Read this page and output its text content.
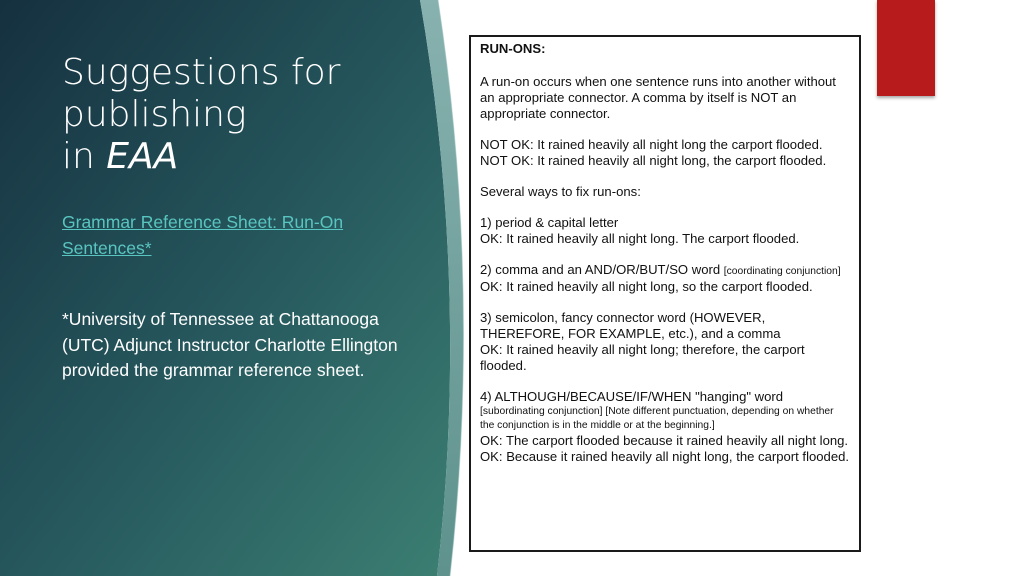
Suggestions for
publishing
in EAA
Grammar Reference Sheet: Run-On Sentences*
*University of Tennessee at Chattanooga (UTC) Adjunct Instructor Charlotte Ellington provided the grammar reference sheet.

RUN-ONS:

A run-on occurs when one sentence runs into another without an appropriate connector. A comma by itself is NOT an appropriate connector.

NOT OK: It rained heavily all night long the carport flooded.

NOT OK: It rained heavily all night long, the carport flooded.

Several ways to fix run-ons:

1) period & capital letter

OK: It rained heavily all night long. The carport flooded.

2) comma and an AND/OR/BUT/SO word [coordinating conjunction]

OK: It rained heavily all night long, so the carport flooded.

3) semicolon, fancy connector word (HOWEVER, THEREFORE, FOR EXAMPLE, etc.), and a comma

OK: It rained heavily all night long; therefore, the carport flooded.

4) ALTHOUGH/BECAUSE/IF/WHEN "hanging" word

[subordinating conjunction] [Note different punctuation, depending on whether the conjunction is in the middle or at the beginning.]

OK: The carport flooded because it rained heavily all night long.

OK: Because it rained heavily all night long, the carport flooded.
